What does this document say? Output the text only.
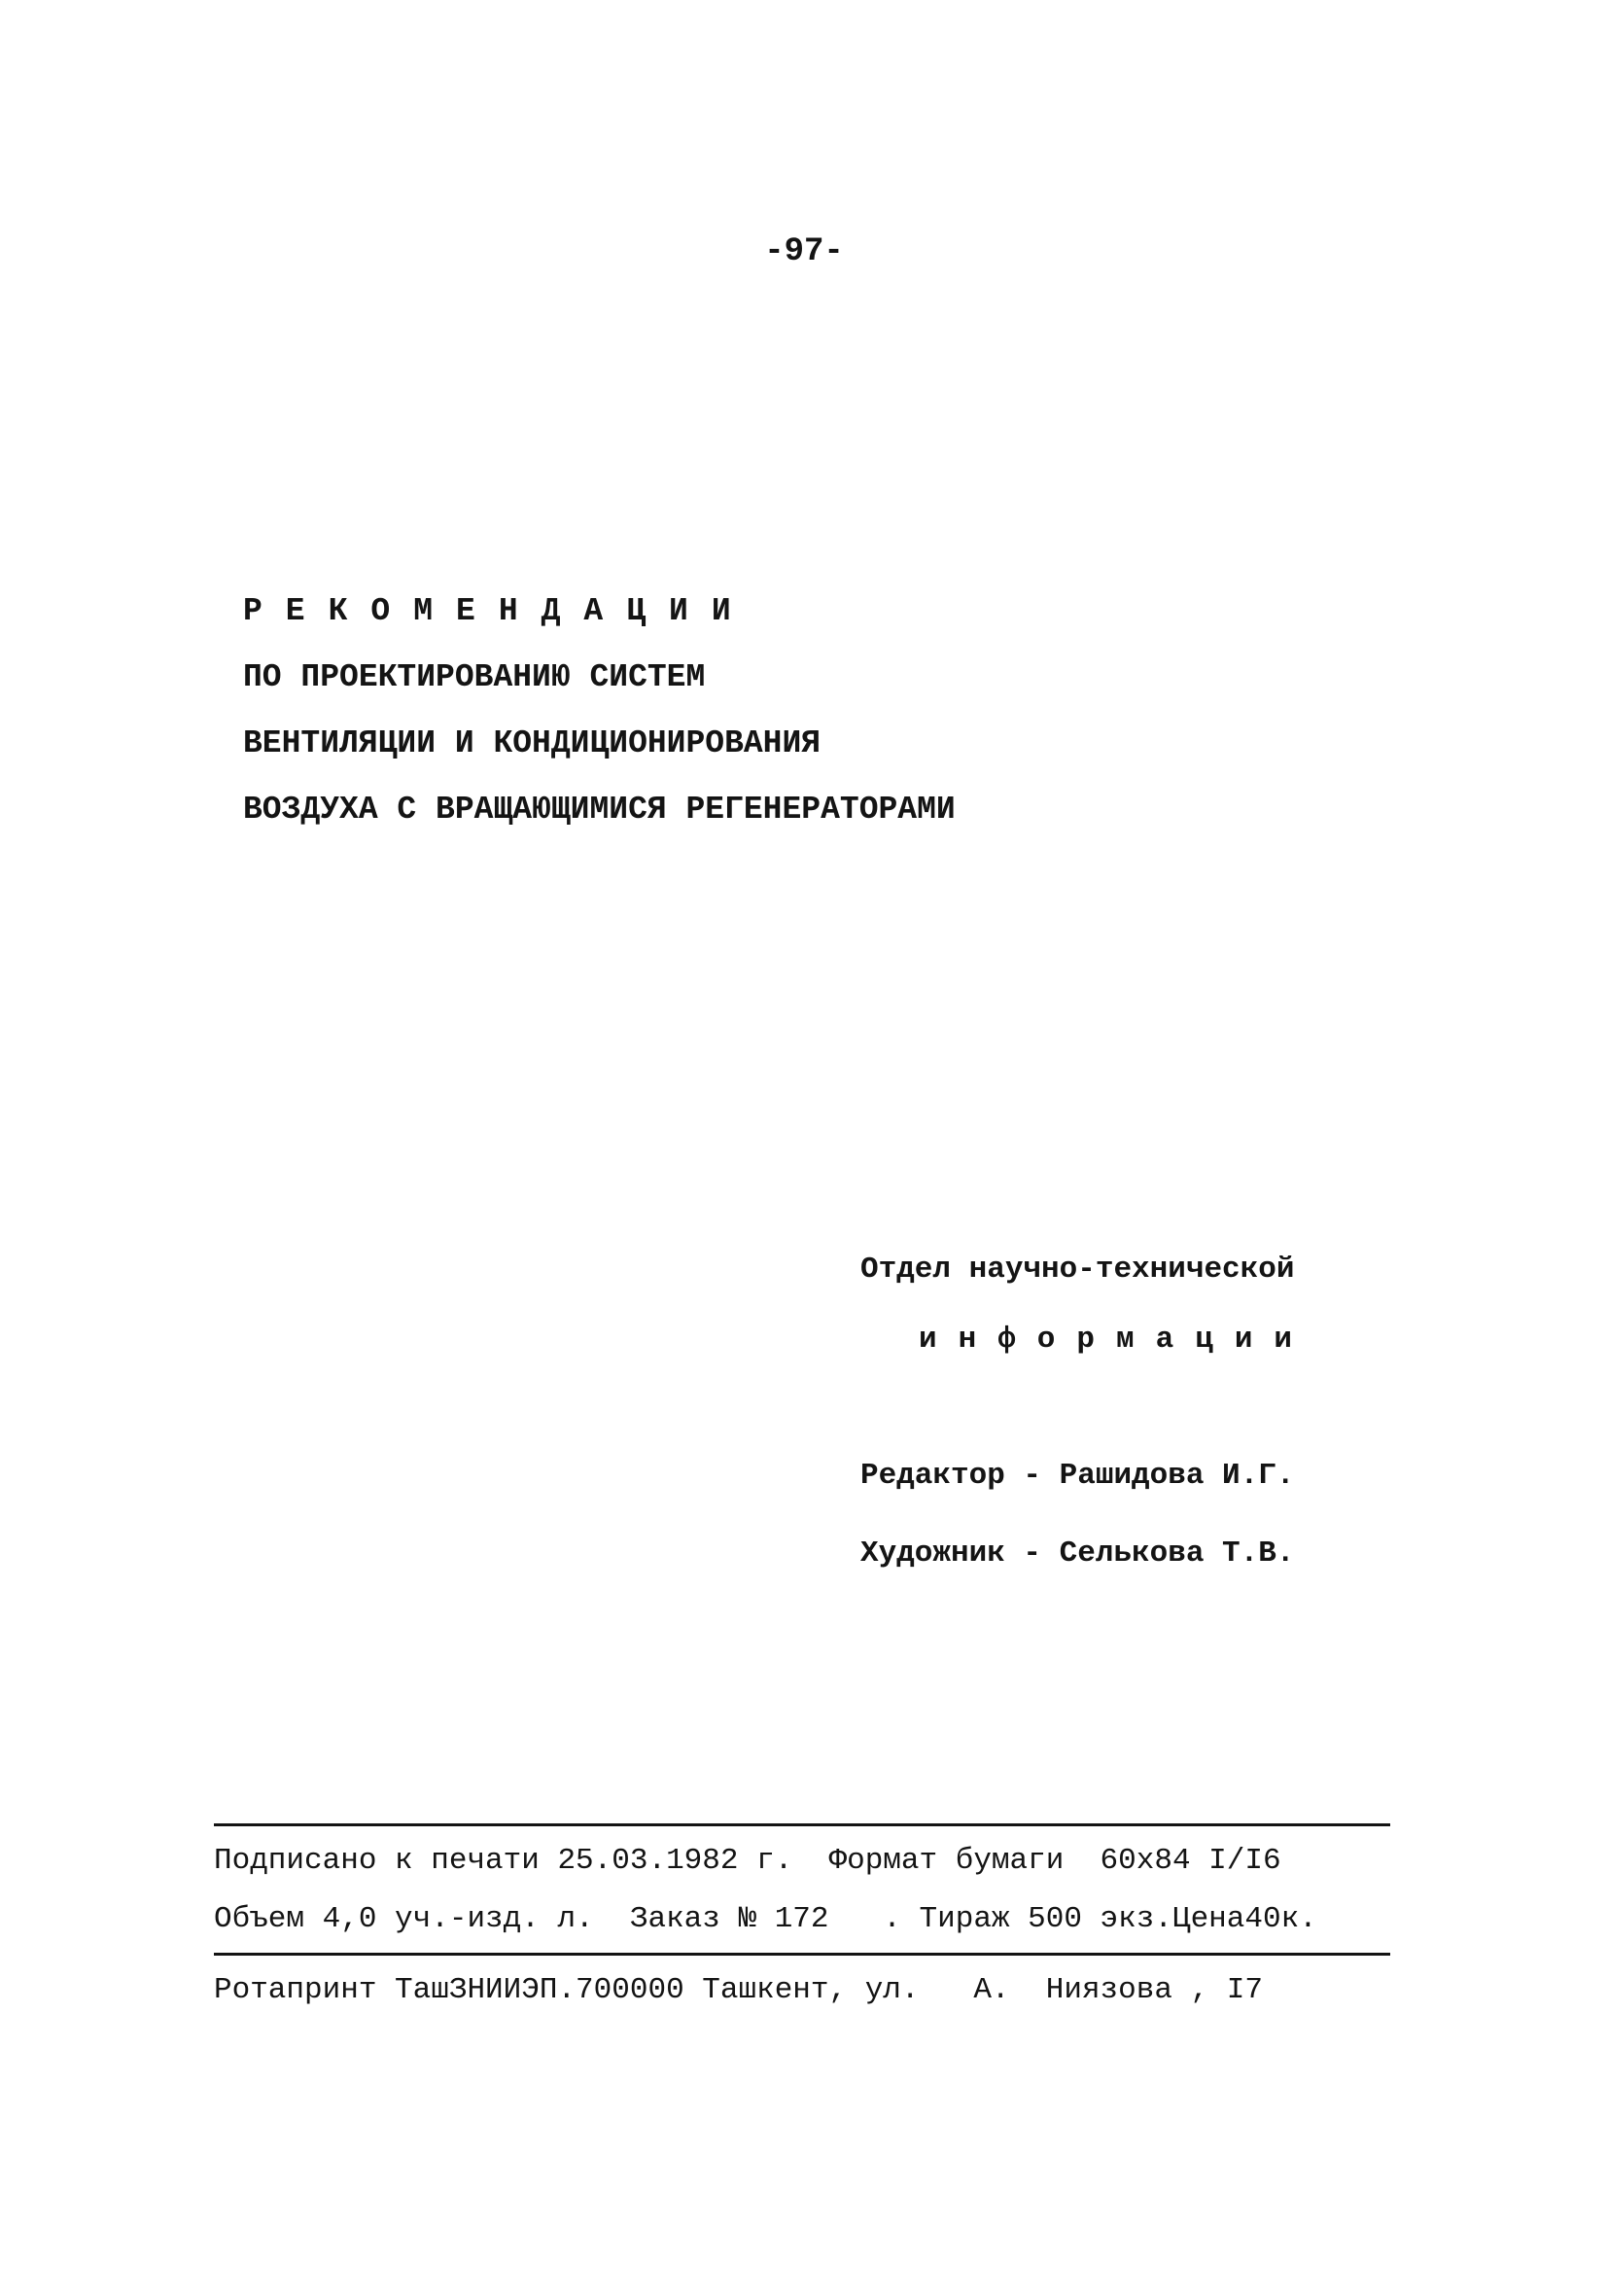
-97-
РЕКОМЕНДАЦИИ
ПО ПРОЕКТИРОВАНИЮ СИСТЕМ
ВЕНТИЛЯЦИИ И КОНДИЦИОНИРОВАНИЯ
ВОЗДУХА С ВРАЩАЮЩИМИСЯ РЕГЕНЕРАТОРАМИ
Отдел научно-технической
информации
Редактор - Рашидова И.Г.
Художник - Селькова Т.В.
Подписано к печати 25.03.1982 г.  Формат бумаги  60х84 I/I6
Объем 4,0 уч.-изд. л.  Заказ № 172   . Тираж 500 экз.Цена40к.
Ротапринт ТашЗНИИЭП.700000 Ташкент, ул.   А.  Ниязова , I7
